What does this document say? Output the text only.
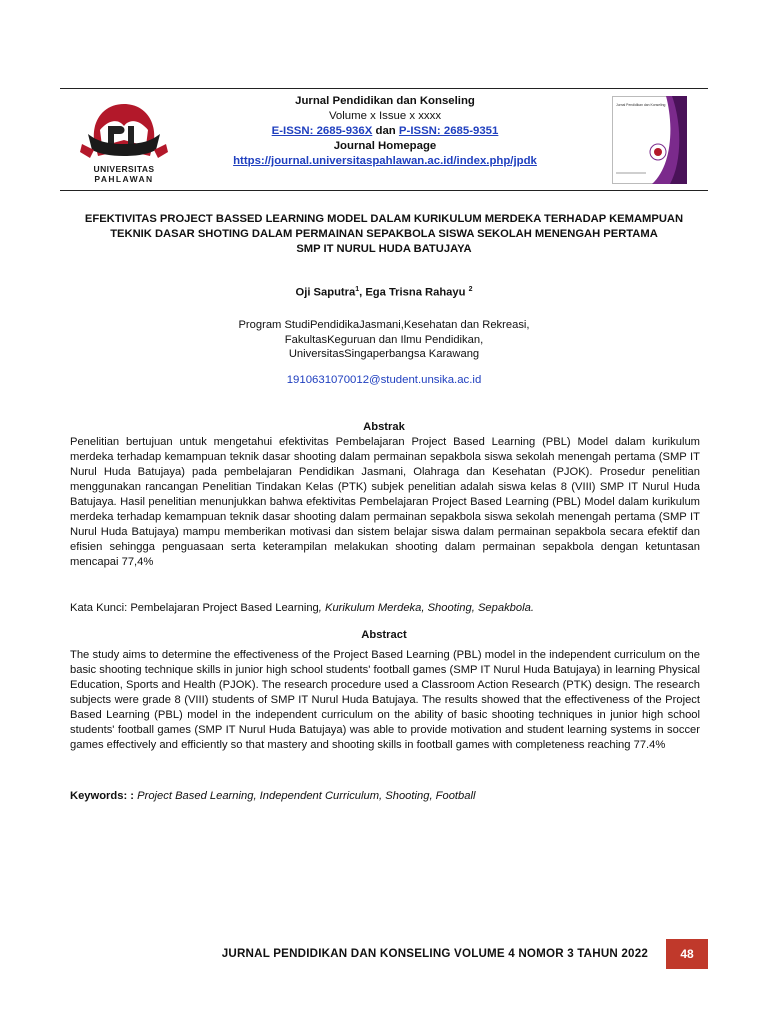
UNIVERSITAS
PAHLAWAN
Jurnal Pendidikan dan Konseling
Volume x Issue x xxxx
E-ISSN: 2685-936X dan P-ISSN: 2685-9351
Journal Homepage
https://journal.universitaspahlawan.ac.id/index.php/jpdk
Jurnal Pendidikan dan Konseling
EFEKTIVITAS PROJECT BASSED LEARNING MODEL DALAM KURIKULUM MERDEKA TERHADAP KEMAMPUAN
TEKNIK DASAR SHOTING DALAM PERMAINAN SEPAKBOLA SISWA SEKOLAH MENENGAH PERTAMA
SMP IT NURUL HUDA BATUJAYA
Oji Saputra$^1$, Ega Trisna Rahayu $^2$
Program StudiPendidikaJasmani,Kesehatan dan Rekreasi,
FakultasKeguruan dan Ilmu Pendidikan,
UniversitasSingaperbangsa Karawang
1910631070012@student.unsika.ac.id
Abstrak
Penelitian bertujuan untuk mengetahui efektivitas Pembelajaran Project Based Learning (PBL) Model dalam kurikulum merdeka terhadap kemampuan teknik dasar shooting dalam permainan sepakbola siswa sekolah menengah pertama (SMP IT Nurul Huda Batujaya) pada pembelajaran Pendidikan Jasmani, Olahraga dan Kesehatan (PJOK). Prosedur penelitian menggunakan rancangan Penelitian Tindakan Kelas (PTK) subjek penelitian adalah siswa kelas 8 (VIII) SMP IT Nurul Huda Batujaya. Hasil penelitian menunjukkan bahwa efektivitas Pembelajaran Project Based Learning (PBL) Model dalam kurikulum merdeka terhadap kemampuan teknik dasar shooting dalam permainan sepakbola siswa sekolah menengah pertama (SMP IT Nurul Huda Batujaya) mampu memberikan motivasi dan sistem belajar siswa dalam permainan sepakbola secara efektif dan efisien sehingga penguasaan serta keterampilan melakukan shooting dalam permainan sepakbola dengan ketuntasan mencapai 77,4%
Kata Kunci: Pembelajaran Project Based Learning, Kurikulum Merdeka, Shooting, Sepakbola.
Abstract
The study aims to determine the effectiveness of the Project Based Learning (PBL) model in the independent curriculum on the basic shooting technique skills in junior high school students' football games (SMP IT Nurul Huda Batujaya) in learning Physical Education, Sports and Health (PJOK). The research procedure used a Classroom Action Research (PTK) design. The research subjects were grade 8 (VIII) students of SMP IT Nurul Huda Batujaya. The results showed that the effectiveness of the Project Based Learning (PBL) model in the independent curriculum on the ability of basic shooting techniques in junior high school students' football games (SMP IT Nurul Huda Batujaya) was able to provide motivation and student learning systems in soccer games effectively and efficiently so that mastery and shooting skills in football games with completeness reaching 77.4%
Keywords: : Project Based Learning, Independent Curriculum, Shooting, Football
JURNAL PENDIDIKAN DAN KONSELING VOLUME 4 NOMOR 3 TAHUN 2022	48
